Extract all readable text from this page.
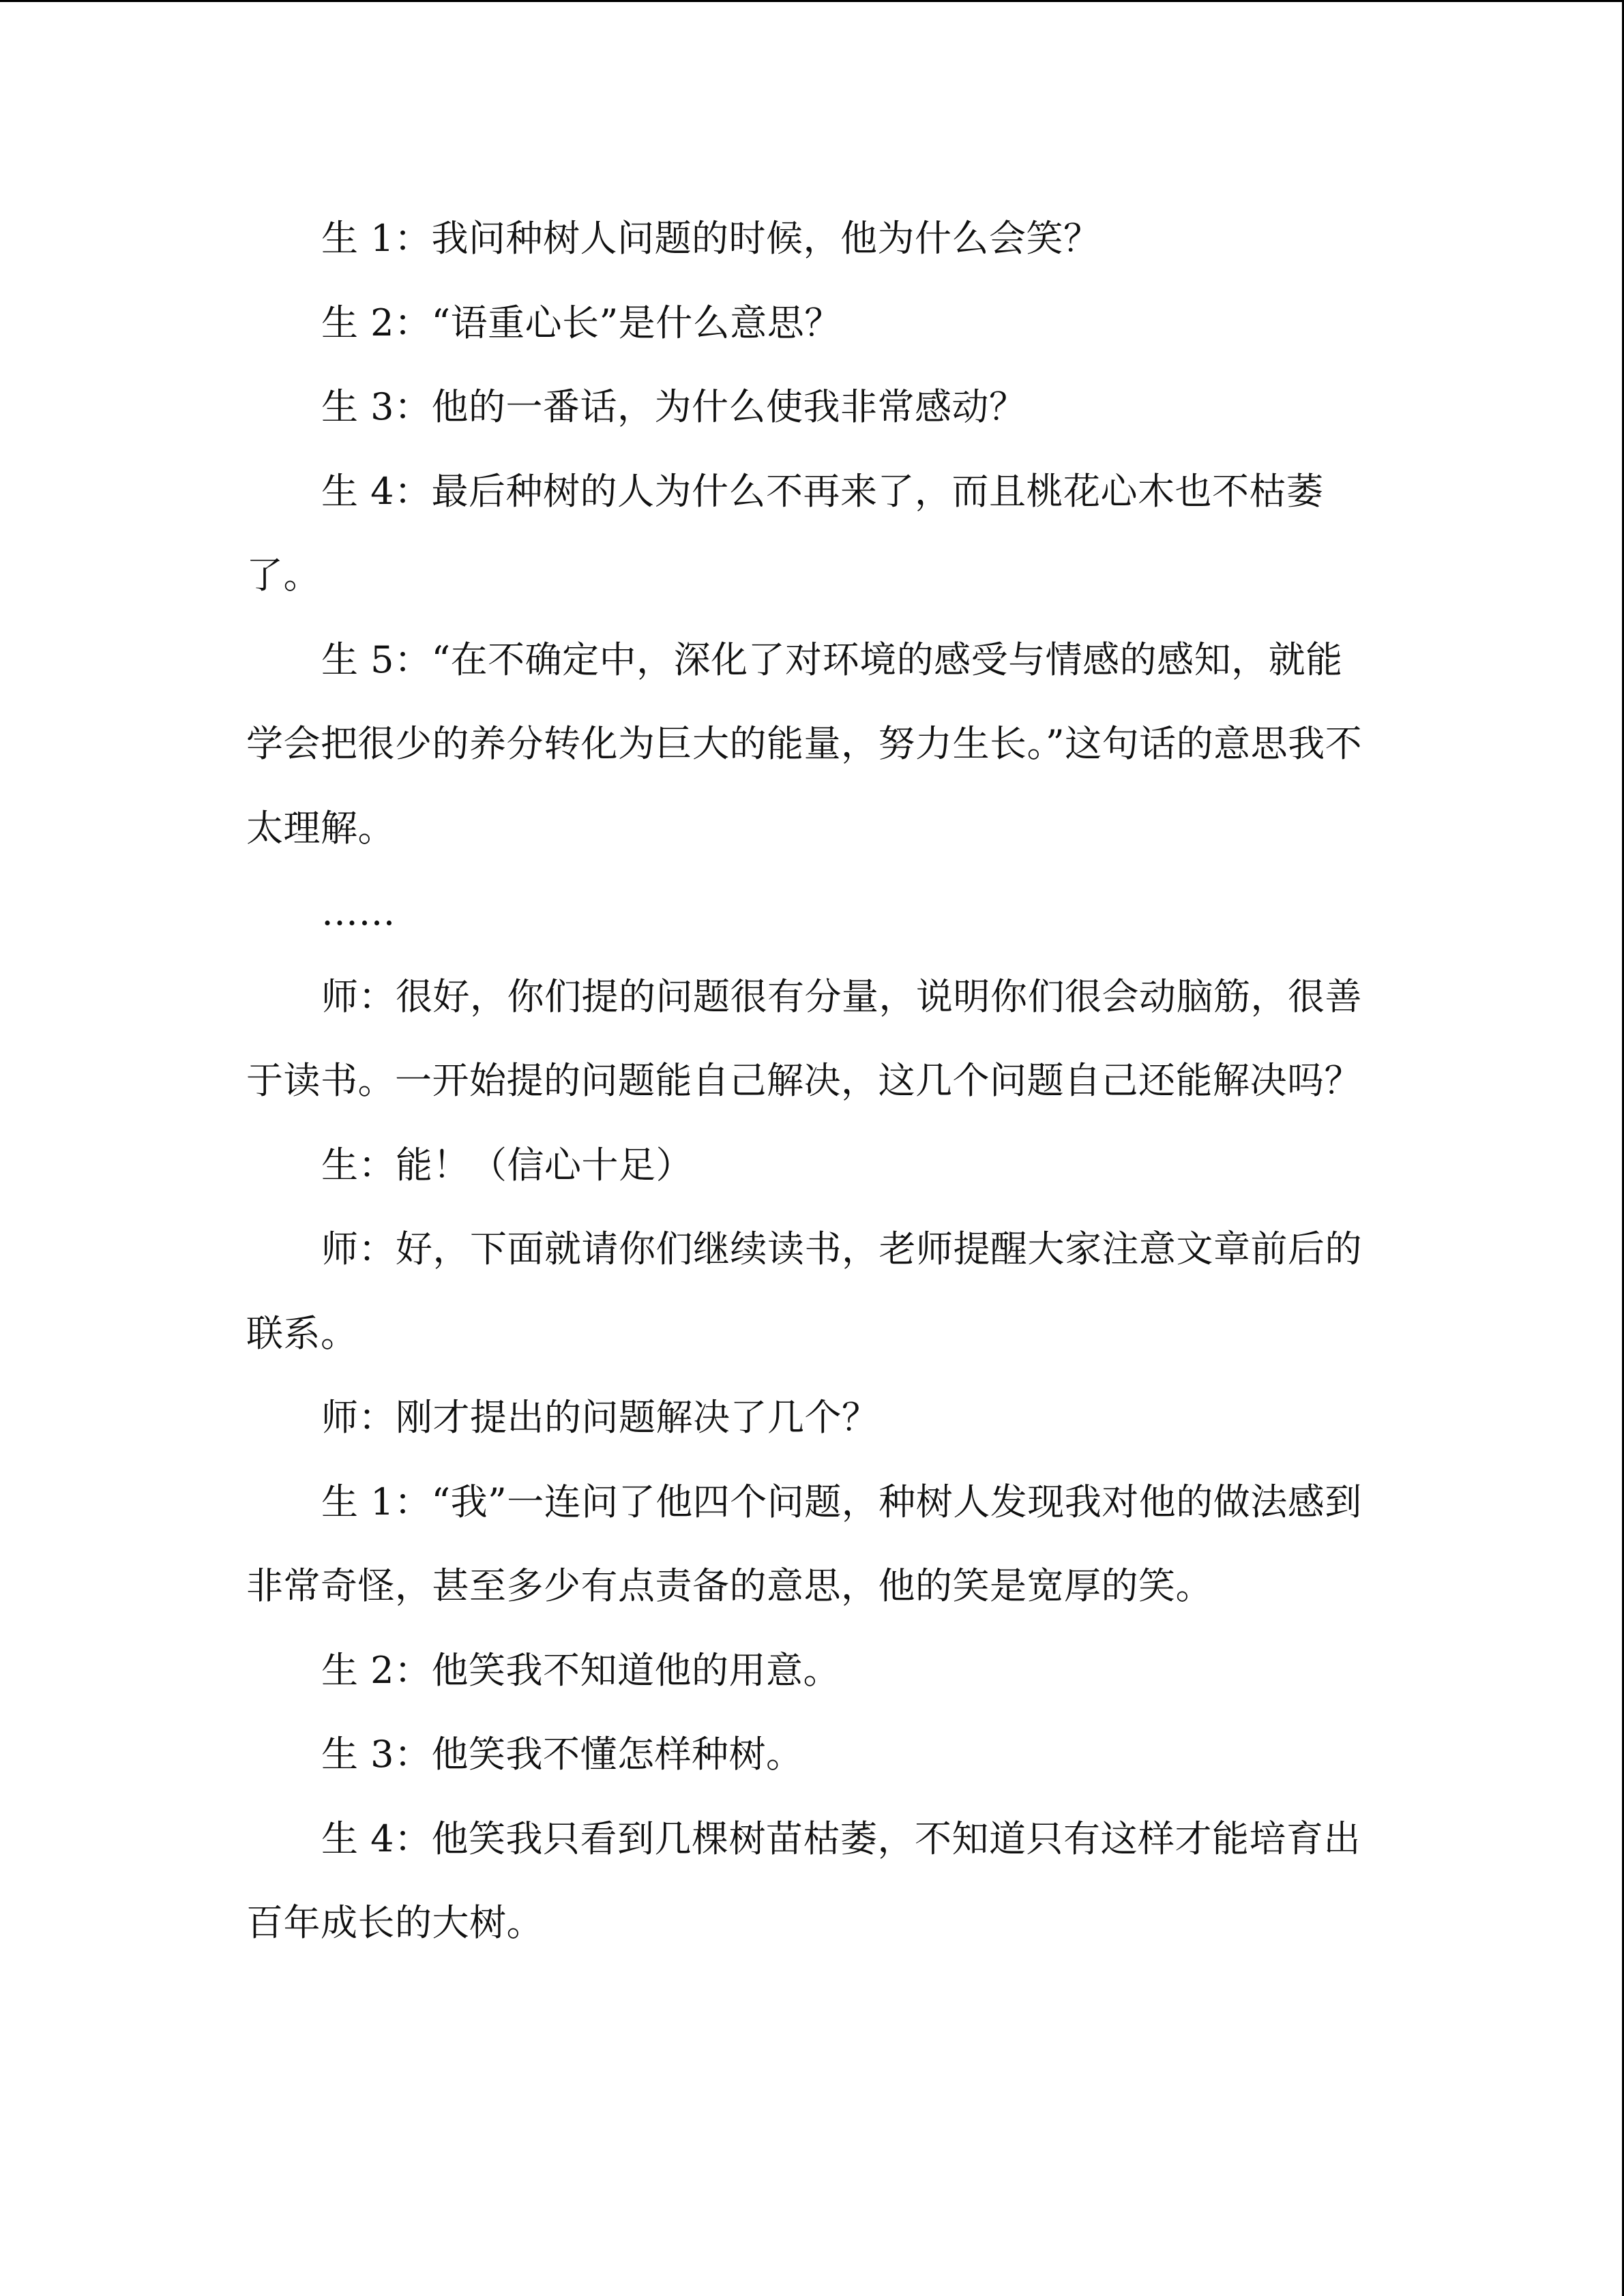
生 1：我问种树人问题的时候，他为什么会笑？

生 2：“语重心长”是什么意思？

生 3：他的一番话，为什么使我非常感动？

生 4：最后种树的人为什么不再来了，而且桃花心木也不枯萎了。

生 5：“在不确定中，深化了对环境的感受与情感的感知，就能学会把很少的养分转化为巨大的能量，努力生长。”这句话的意思我不太理解。

……

师：很好，你们提的问题很有分量，说明你们很会动脑筋，很善于读书。一开始提的问题能自己解决，这几个问题自己还能解决吗？

生：能！（信心十足）

师：好，下面就请你们继续读书，老师提醒大家注意文章前后的联系。

师：刚才提出的问题解决了几个？

生 1：“我”一连问了他四个问题，种树人发现我对他的做法感到非常奇怪，甚至多少有点责备的意思，他的笑是宽厚的笑。

生 2：他笑我不知道他的用意。

生 3：他笑我不懂怎样种树。

生 4：他笑我只看到几棵树苗枯萎，不知道只有这样才能培育出百年成长的大树。
